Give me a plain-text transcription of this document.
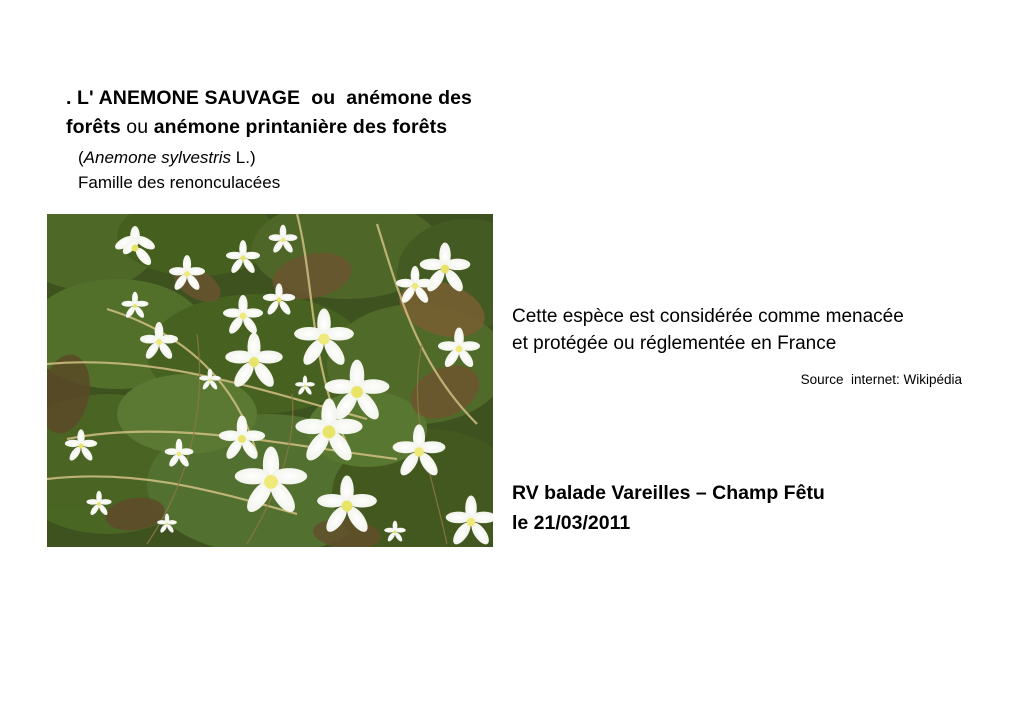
. L' ANEMONE SAUVAGE  ou  anémone des
forêts ou anémone printanière des forêts
(Anemone sylvestris L.)
Famille des renonculacées
Cette espèce est considérée comme menacée
et protégée ou réglementée en France
Source  internet: Wikipédia
RV balade Vareilles – Champ Fêtu
le 21/03/2011
